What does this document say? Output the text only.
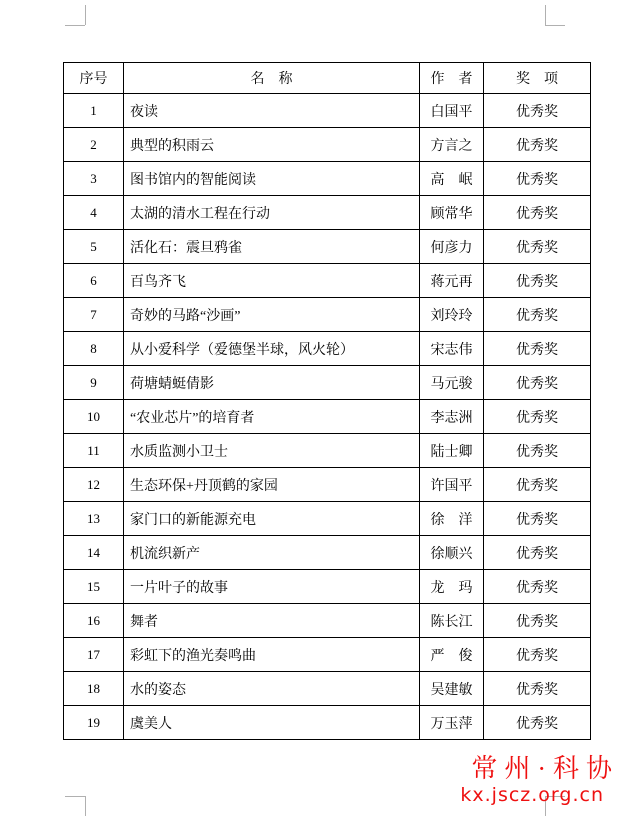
序号	名　称	作　者	奖　项
1	夜读	白国平	优秀奖
2	典型的积雨云	方言之	优秀奖
3	图书馆内的智能阅读	高　岷	优秀奖
4	太湖的清水工程在行动	顾常华	优秀奖
5	活化石：震旦鸦雀	何彦力	优秀奖
6	百鸟齐飞	蒋元再	优秀奖
7	奇妙的马路“沙画”	刘玲玲	优秀奖
8	从小爱科学（爱德堡半球，风火轮）	宋志伟	优秀奖
9	荷塘蜻蜓倩影	马元骏	优秀奖
10	“农业芯片”的培育者	李志洲	优秀奖
11	水质监测小卫士	陆士卿	优秀奖
12	生态环保+丹顶鹤的家园	许国平	优秀奖
13	家门口的新能源充电	徐　洋	优秀奖
14	机流织新产	徐顺兴	优秀奖
15	一片叶子的故事	龙　玛	优秀奖
16	舞者	陈长江	优秀奖
17	彩虹下的渔光奏鸣曲	严　俊	优秀奖
18	水的姿态	吴建敏	优秀奖
19	虞美人	万玉萍	优秀奖
常州·科协
kx.jscz.org.cn
